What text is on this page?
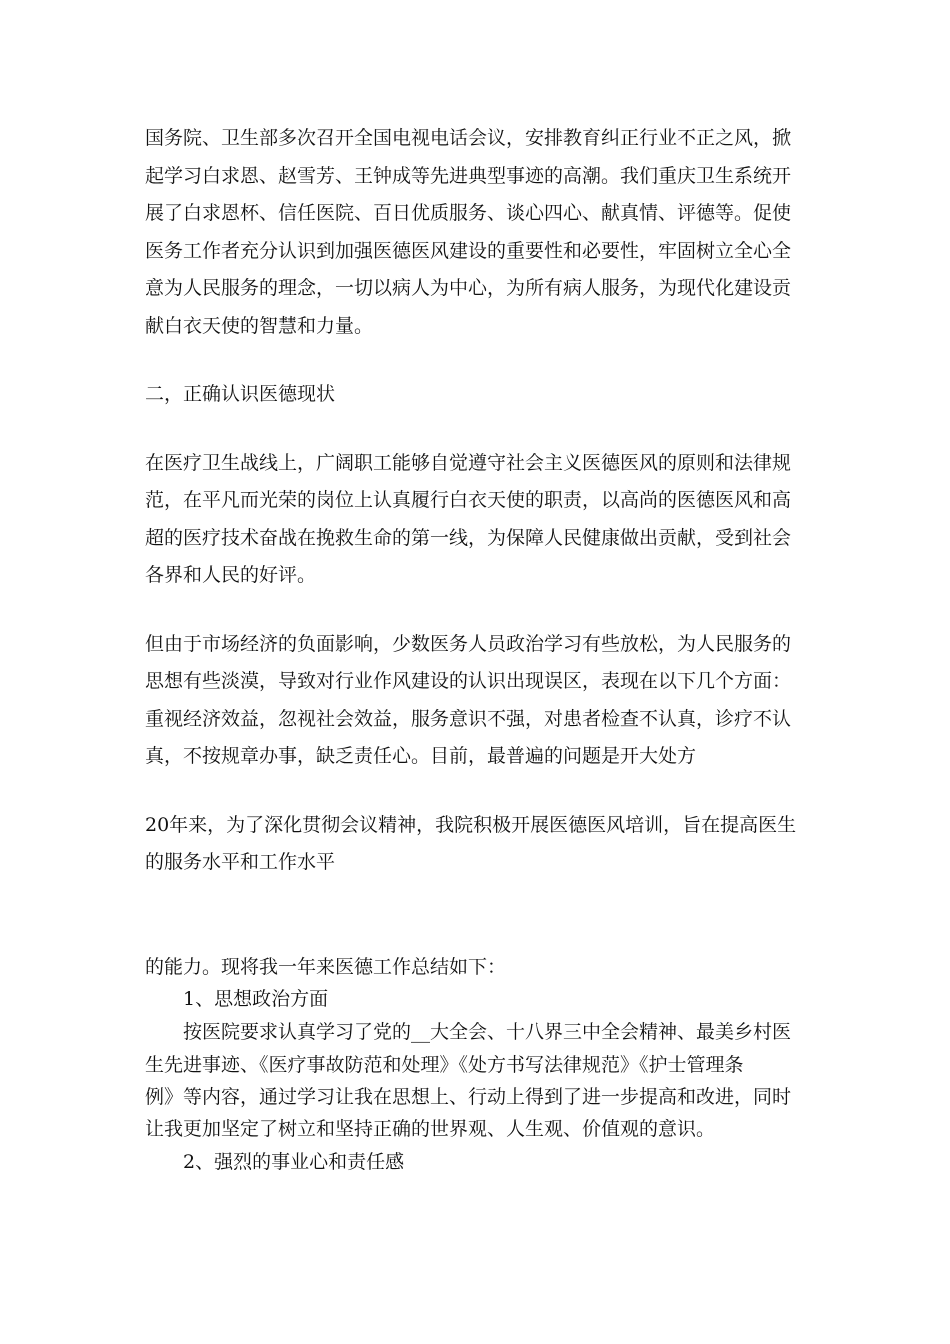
国务院、卫生部多次召开全国电视电话会议，安排教育纠正行业不正之风，掀

起学习白求恩、赵雪芳、王钟成等先进典型事迹的高潮。我们重庆卫生系统开

展了白求恩杯、信任医院、百日优质服务、谈心四心、献真情、评德等。促使

医务工作者充分认识到加强医德医风建设的重要性和必要性，牢固树立全心全

意为人民服务的理念，一切以病人为中心，为所有病人服务，为现代化建设贡

献白衣天使的智慧和力量。

二，正确认识医德现状

在医疗卫生战线上，广阔职工能够自觉遵守社会主义医德医风的原则和法律规

范，在平凡而光荣的岗位上认真履行白衣天使的职责，以高尚的医德医风和高

超的医疗技术奋战在挽救生命的第一线，为保障人民健康做出贡献，受到社会

各界和人民的好评。

但由于市场经济的负面影响，少数医务人员政治学习有些放松，为人民服务的

思想有些淡漠，导致对行业作风建设的认识出现误区，表现在以下几个方面：

重视经济效益，忽视社会效益，服务意识不强，对患者检查不认真，诊疗不认

真，不按规章办事，缺乏责任心。目前，最普遍的问题是开大处方

20年来，为了深化贯彻会议精神，我院积极开展医德医风培训，旨在提高医生

的服务水平和工作水平

的能力。现将我一年来医德工作总结如下：

1、思想政治方面

按医院要求认真学习了党的__大全会、十八界三中全会精神、最美乡村医

生先进事迹、《医疗事故防范和处理》《处方书写法律规范》《护士管理条

例》等内容，通过学习让我在思想上、行动上得到了进一步提高和改进，同时

让我更加坚定了树立和坚持正确的世界观、人生观、价值观的意识。

2、强烈的事业心和责任感
